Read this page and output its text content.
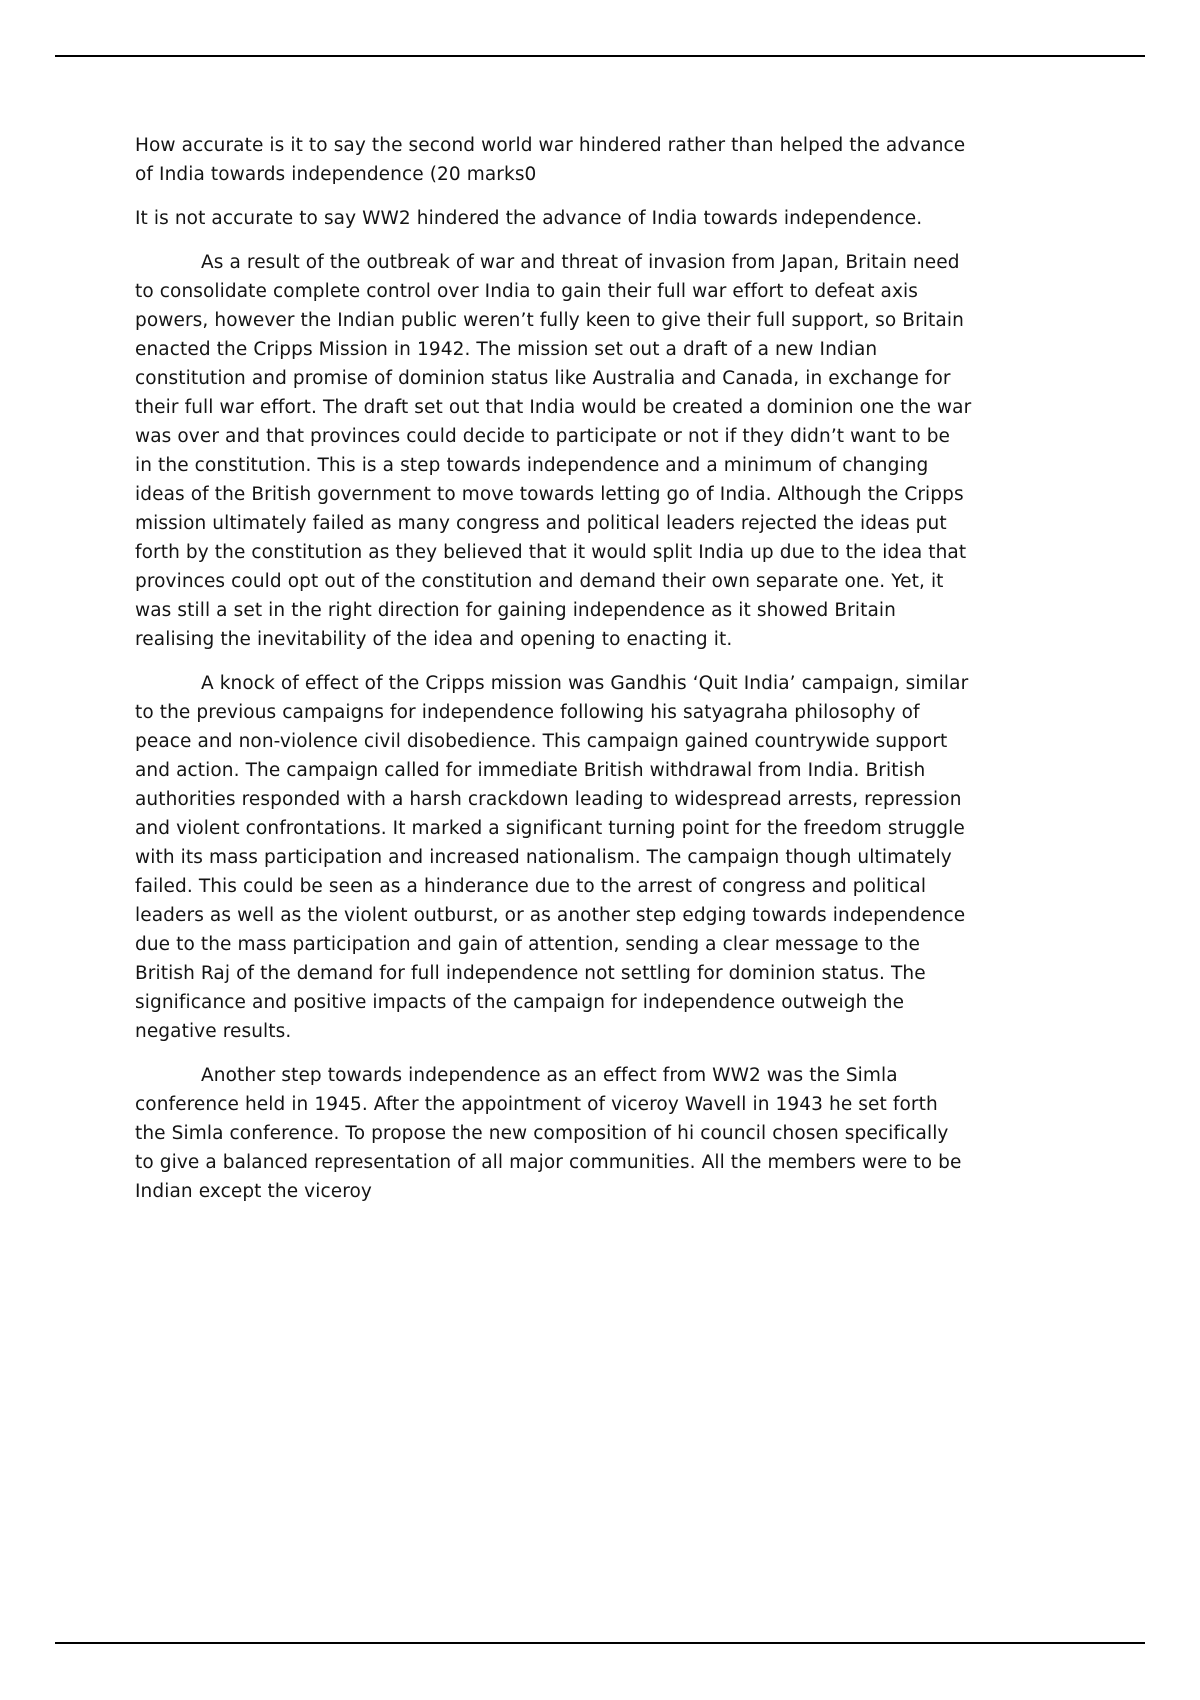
How accurate is it to say the second world war hindered rather than helped the advance of India towards independence (20 marks0

It is not accurate to say WW2 hindered the advance of India towards independence.

As a result of the outbreak of war and threat of invasion from Japan, Britain need to consolidate complete control over India to gain their full war effort to defeat axis powers, however the Indian public weren’t fully keen to give their full support, so Britain enacted the Cripps Mission in 1942. The mission set out a draft of a new Indian constitution and promise of dominion status like Australia and Canada, in exchange for their full war effort. The draft set out that India would be created a dominion one the war was over and that provinces could decide to participate or not if they didn’t want to be in the constitution. This is a step towards independence and a minimum of changing ideas of the British government to move towards letting go of India. Although the Cripps mission ultimately failed as many congress and political leaders rejected the ideas put forth by the constitution as they believed that it would split India up due to the idea that provinces could opt out of the constitution and demand their own separate one. Yet, it was still a set in the right direction for gaining independence as it showed Britain realising the inevitability of the idea and opening to enacting it.

A knock of effect of the Cripps mission was Gandhis ‘Quit India’ campaign, similar to the previous campaigns for independence following his satyagraha philosophy of peace and non-violence civil disobedience. This campaign gained countrywide support and action. The campaign called for immediate British withdrawal from India. British authorities responded with a harsh crackdown leading to widespread arrests, repression and violent confrontations. It marked a significant turning point for the freedom struggle with its mass participation and increased nationalism. The campaign though ultimately failed. This could be seen as a hinderance due to the arrest of congress and political leaders as well as the violent outburst, or as another step edging towards independence due to the mass participation and gain of attention, sending a clear message to the British Raj of the demand for full independence not settling for dominion status. The significance and positive impacts of the campaign for independence outweigh the negative results.

Another step towards independence as an effect from WW2 was the Simla conference held in 1945. After the appointment of viceroy Wavell in 1943 he set forth the Simla conference. To propose the new composition of hi council chosen specifically to give a balanced representation of all major communities. All the members were to be Indian except the viceroy
